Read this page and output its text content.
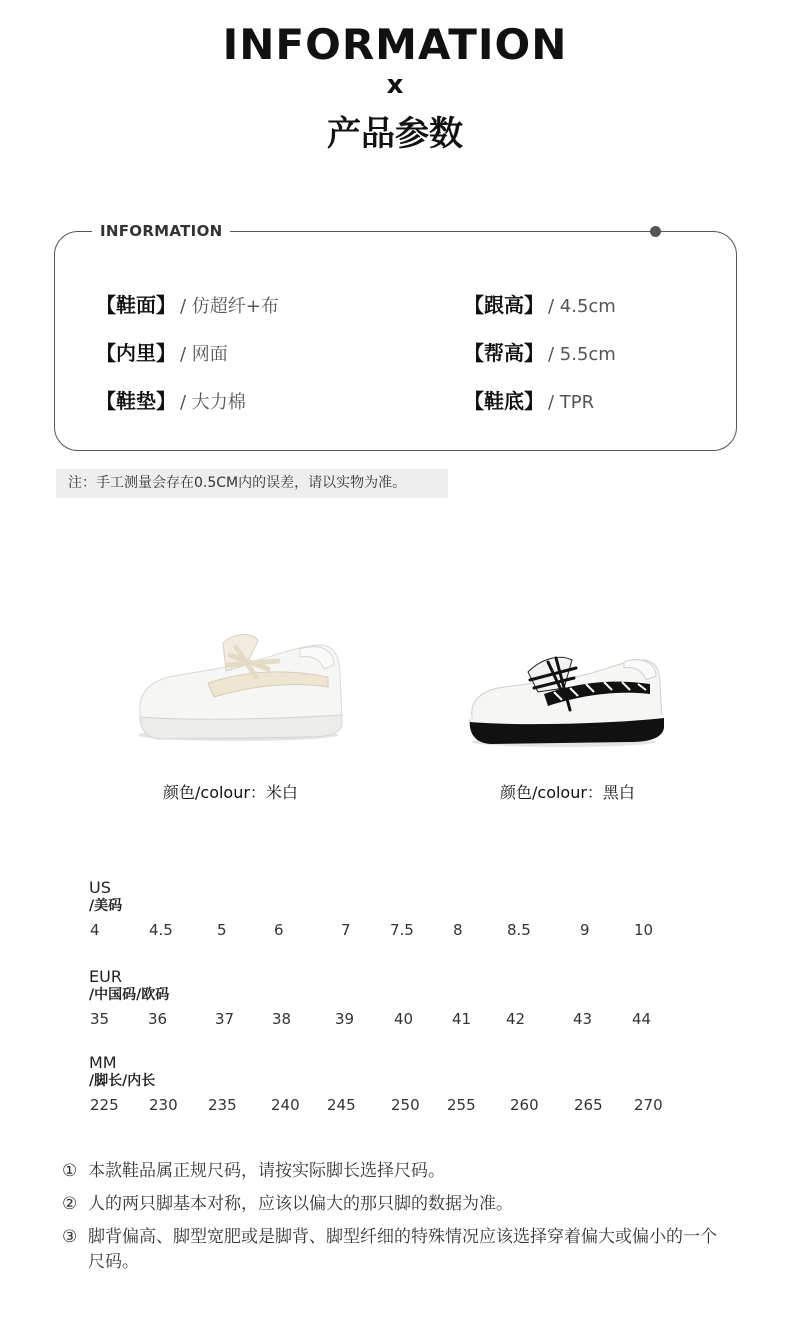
INFORMATION
x
产品参数
INFORMATION
【鞋面】 / 仿超纤+布
【内里】 / 网面
【鞋垫】 / 大力棉
【跟高】 / 4.5cm
【帮高】 / 5.5cm
【鞋底】 / TPR
注：手工测量会存在0.5CM内的误差，请以实物为准。
颜色/colour：米白	颜色/colour：黑白
US
/美码
4	4.5	5	6	7	7.5	8	8.5	9	10
EUR
/中国码/欧码
35	36	37	38	39	40	41 42	43	44
MM
/脚长/内长
225 230 235 240 245 250 255 260 265 270
① 本款鞋品属正规尺码，请按实际脚长选择尺码。
② 人的两只脚基本对称，应该以偏大的那只脚的数据为准。
③ 脚背偏高、脚型宽肥或是脚背、脚型纤细的特殊情况应该选择穿着偏大或偏小的一个尺码。
